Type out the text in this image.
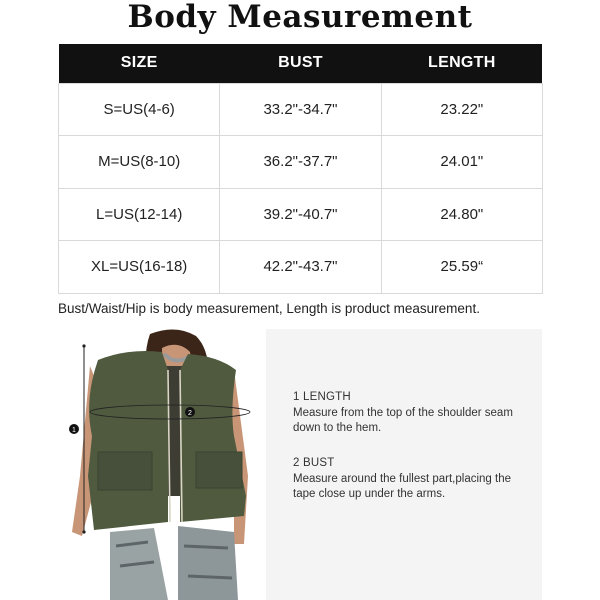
Body Measurement
SIZE	BUST	LENGTH
S=US(4-6)	33.2"-34.7"	23.22"
M=US(8-10)	36.2"-37.7"	24.01"
L=US(12-14)	39.2"-40.7"	24.80"
XL=US(16-18)	42.2"-43.7"	25.59“
Bust/Waist/Hip is body measurement, Length is product measurement.
1
2
1 LENGTH
Measure from the top of the shoulder seam down to the hem.
2 BUST
Measure around the fullest part,placing the tape close up under the arms.
